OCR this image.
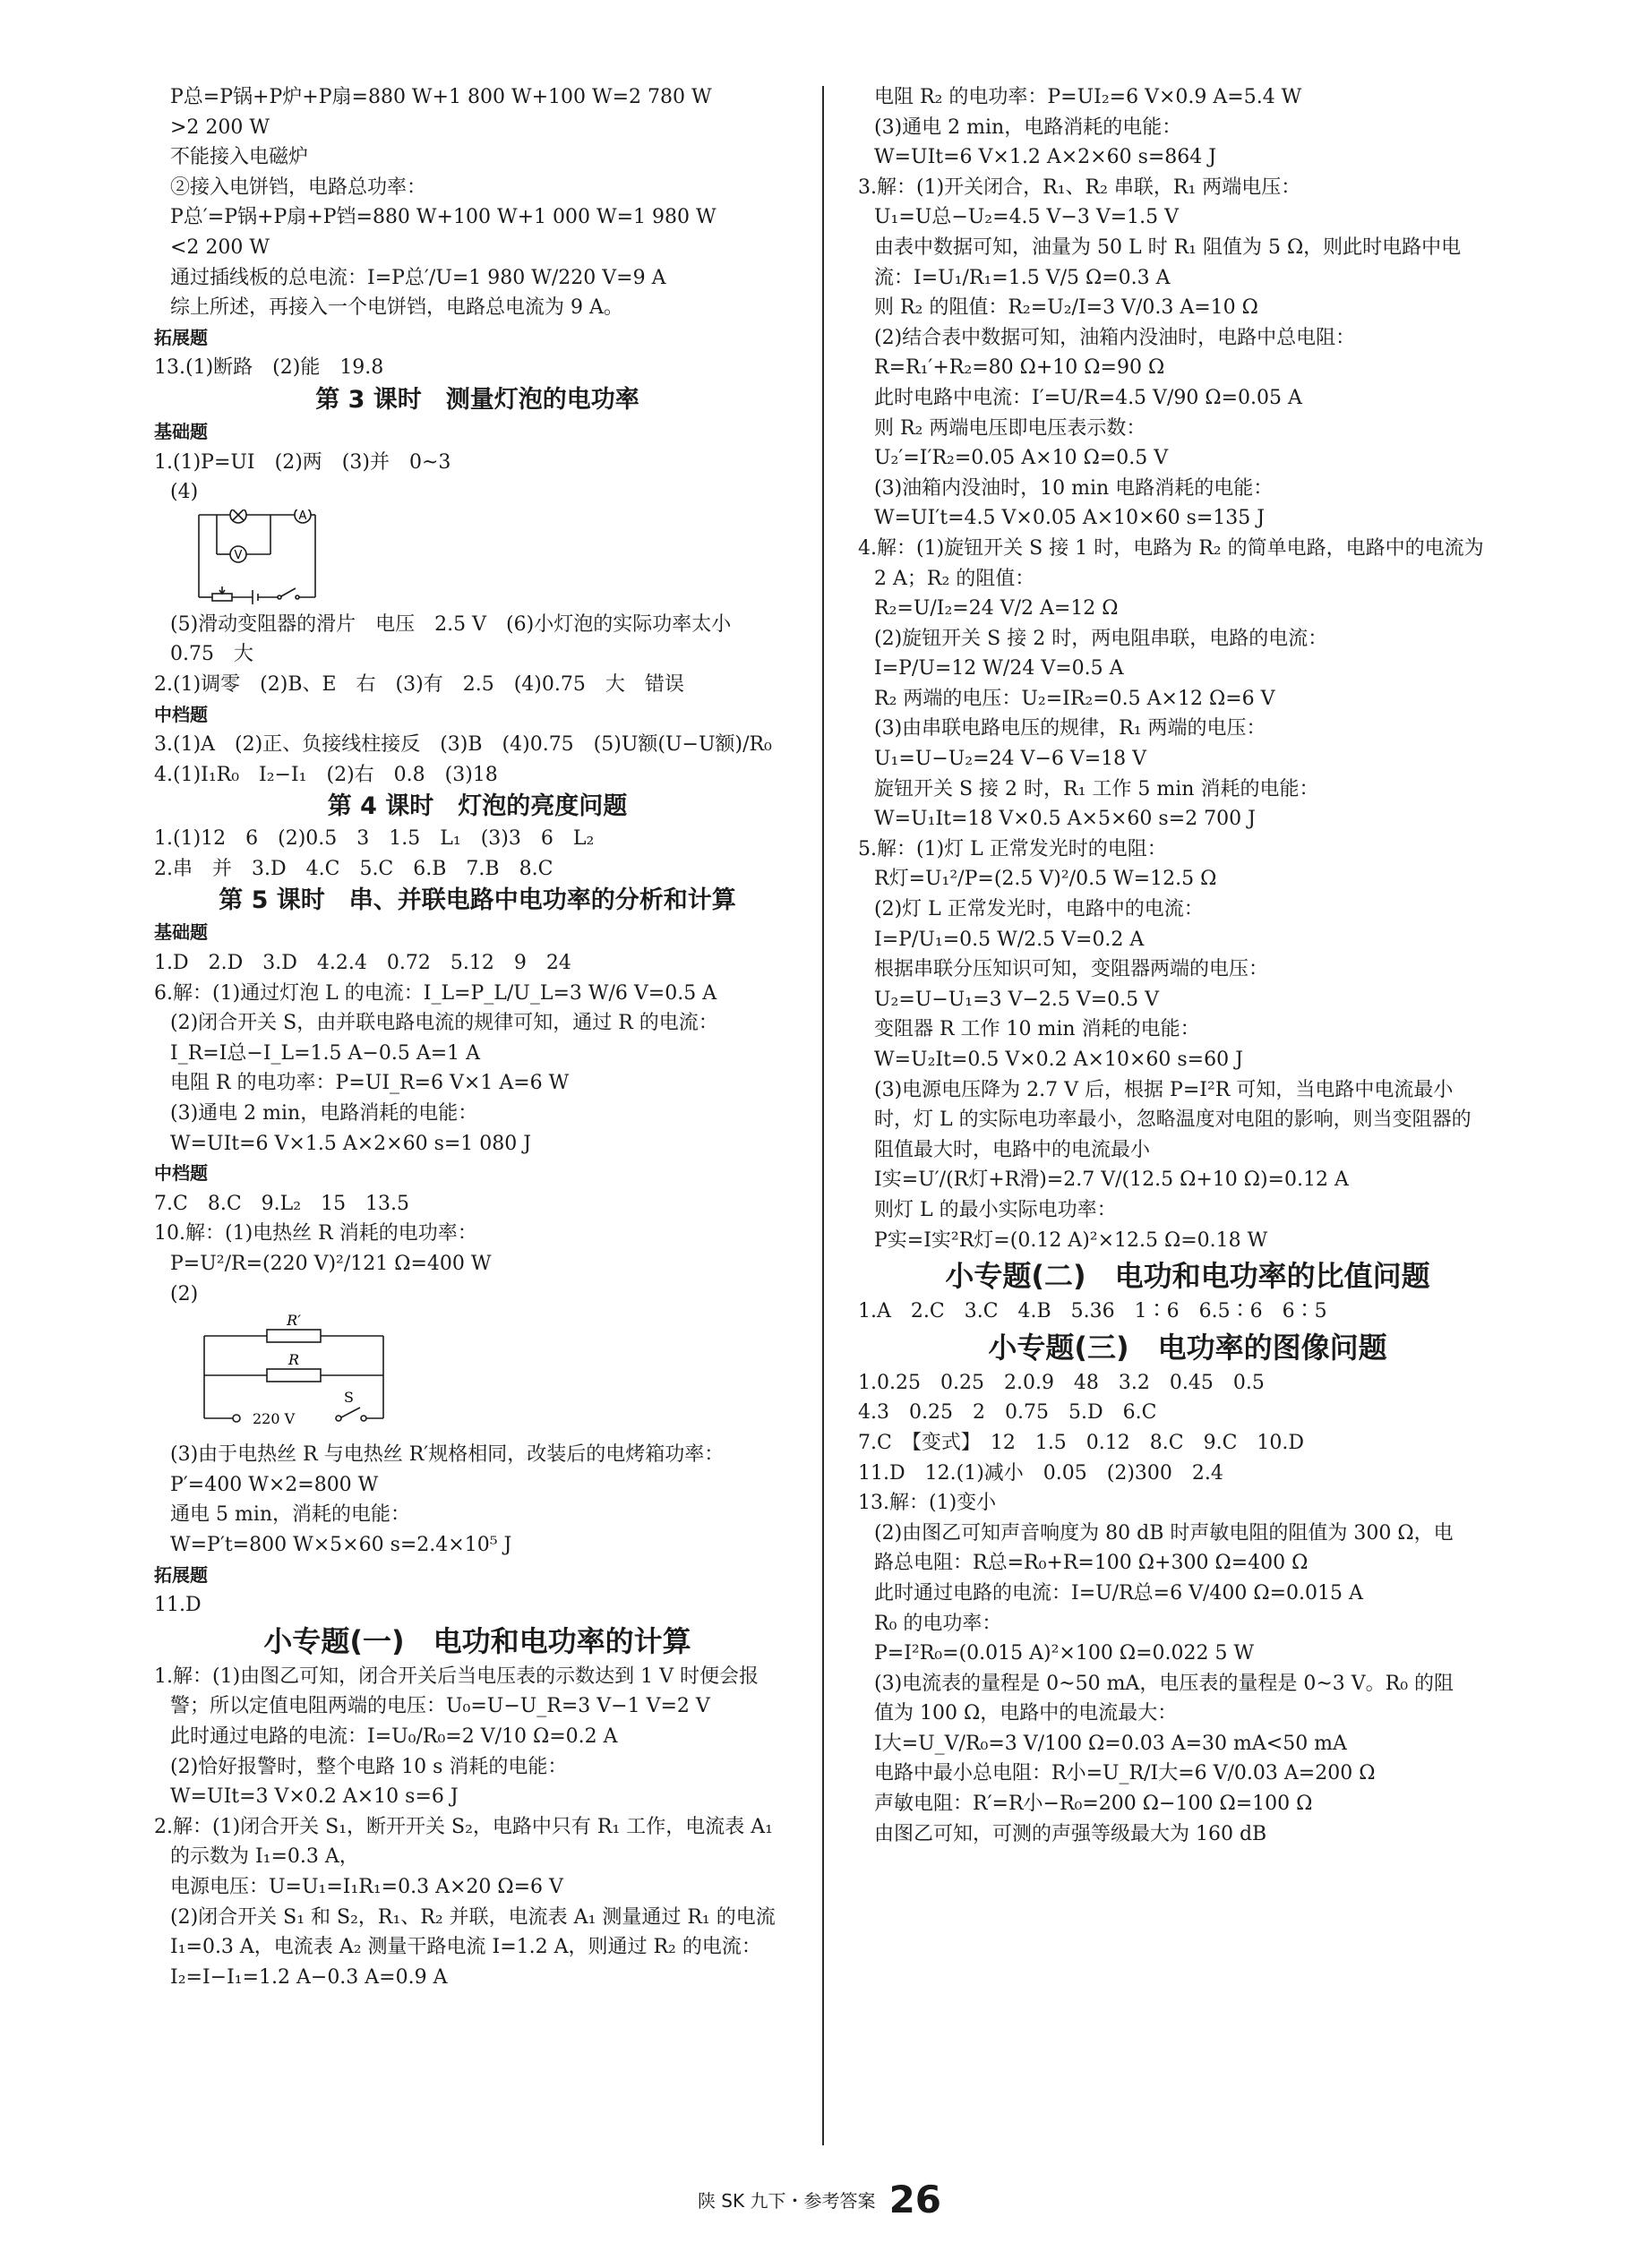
P总=P锅+P炉+P扇=880 W+1 800 W+100 W=2 780 W
>2 200 W
不能接入电磁炉
②接入电饼铛，电路总功率：
P总′=P锅+P扇+P铛=880 W+100 W+1 000 W=1 980 W
<2 200 W
通过插线板的总电流：I=P总′/U=1 980 W/220 V=9 A
综上所述，再接入一个电饼铛，电路总电流为 9 A。
拓展题
13.(1)断路　(2)能　19.8
第 3 课时　测量灯泡的电功率
基础题
1.(1)P=UI　(2)两　(3)并　0~3
(4)
A
V
(5)滑动变阻器的滑片　电压　2.5 V　(6)小灯泡的实际功率太小
0.75　大
2.(1)调零　(2)B、E　右　(3)有　2.5　(4)0.75　大　错误
中档题
3.(1)A　(2)正、负接线柱接反　(3)B　(4)0.75　(5)U额(U−U额)/R₀
4.(1)I₁R₀　I₂−I₁　(2)右　0.8　(3)18
第 4 课时　灯泡的亮度问题
1.(1)12　6　(2)0.5　3　1.5　L₁　(3)3　6　L₂
2.串　并　3.D　4.C　5.C　6.B　7.B　8.C
第 5 课时　串、并联电路中电功率的分析和计算
基础题
1.D　2.D　3.D　4.2.4　0.72　5.12　9　24
6.解：(1)通过灯泡 L 的电流：I_L=P_L/U_L=3 W/6 V=0.5 A
(2)闭合开关 S，由并联电路电流的规律可知，通过 R 的电流：
I_R=I总−I_L=1.5 A−0.5 A=1 A
电阻 R 的电功率：P=UI_R=6 V×1 A=6 W
(3)通电 2 min，电路消耗的电能：
W=UIt=6 V×1.5 A×2×60 s=1 080 J
中档题
7.C　8.C　9.L₂　15　13.5
10.解：(1)电热丝 R 消耗的电功率：
P=U²/R=(220 V)²/121 Ω=400 W
(2)
R′
R
220 V
S
(3)由于电热丝 R 与电热丝 R′规格相同，改装后的电烤箱功率：
P′=400 W×2=800 W
通电 5 min，消耗的电能：
W=P′t=800 W×5×60 s=2.4×10⁵ J
拓展题
11.D
小专题(一)　电功和电功率的计算
1.解：(1)由图乙可知，闭合开关后当电压表的示数达到 1 V 时便会报
警；所以定值电阻两端的电压：U₀=U−U_R=3 V−1 V=2 V
此时通过电路的电流：I=U₀/R₀=2 V/10 Ω=0.2 A
(2)恰好报警时，整个电路 10 s 消耗的电能：
W=UIt=3 V×0.2 A×10 s=6 J
2.解：(1)闭合开关 S₁，断开开关 S₂，电路中只有 R₁ 工作，电流表 A₁
的示数为 I₁=0.3 A，
电源电压：U=U₁=I₁R₁=0.3 A×20 Ω=6 V
(2)闭合开关 S₁ 和 S₂，R₁、R₂ 并联，电流表 A₁ 测量通过 R₁ 的电流
I₁=0.3 A，电流表 A₂ 测量干路电流 I=1.2 A，则通过 R₂ 的电流：
I₂=I−I₁=1.2 A−0.3 A=0.9 A
电阻 R₂ 的电功率：P=UI₂=6 V×0.9 A=5.4 W
(3)通电 2 min，电路消耗的电能：
W=UIt=6 V×1.2 A×2×60 s=864 J
3.解：(1)开关闭合，R₁、R₂ 串联，R₁ 两端电压：
U₁=U总−U₂=4.5 V−3 V=1.5 V
由表中数据可知，油量为 50 L 时 R₁ 阻值为 5 Ω，则此时电路中电
流：I=U₁/R₁=1.5 V/5 Ω=0.3 A
则 R₂ 的阻值：R₂=U₂/I=3 V/0.3 A=10 Ω
(2)结合表中数据可知，油箱内没油时，电路中总电阻：
R=R₁′+R₂=80 Ω+10 Ω=90 Ω
此时电路中电流：I′=U/R=4.5 V/90 Ω=0.05 A
则 R₂ 两端电压即电压表示数：
U₂′=I′R₂=0.05 A×10 Ω=0.5 V
(3)油箱内没油时，10 min 电路消耗的电能：
W=UI′t=4.5 V×0.05 A×10×60 s=135 J
4.解：(1)旋钮开关 S 接 1 时，电路为 R₂ 的简单电路，电路中的电流为
2 A；R₂ 的阻值：
R₂=U/I₂=24 V/2 A=12 Ω
(2)旋钮开关 S 接 2 时，两电阻串联，电路的电流：
I=P/U=12 W/24 V=0.5 A
R₂ 两端的电压：U₂=IR₂=0.5 A×12 Ω=6 V
(3)由串联电路电压的规律，R₁ 两端的电压：
U₁=U−U₂=24 V−6 V=18 V
旋钮开关 S 接 2 时，R₁ 工作 5 min 消耗的电能：
W=U₁It=18 V×0.5 A×5×60 s=2 700 J
5.解：(1)灯 L 正常发光时的电阻：
R灯=U₁²/P=(2.5 V)²/0.5 W=12.5 Ω
(2)灯 L 正常发光时，电路中的电流：
I=P/U₁=0.5 W/2.5 V=0.2 A
根据串联分压知识可知，变阻器两端的电压：
U₂=U−U₁=3 V−2.5 V=0.5 V
变阻器 R 工作 10 min 消耗的电能：
W=U₂It=0.5 V×0.2 A×10×60 s=60 J
(3)电源电压降为 2.7 V 后，根据 P=I²R 可知，当电路中电流最小
时，灯 L 的实际电功率最小，忽略温度对电阻的影响，则当变阻器的
阻值最大时，电路中的电流最小
I实=U′/(R灯+R滑)=2.7 V/(12.5 Ω+10 Ω)=0.12 A
则灯 L 的最小实际电功率：
P实=I实²R灯=(0.12 A)²×12.5 Ω=0.18 W
小专题(二)　电功和电功率的比值问题
1.A　2.C　3.C　4.B　5.36　1∶6　6.5∶6　6∶5
小专题(三)　电功率的图像问题
1.0.25　0.25　2.0.9　48　3.2　0.45　0.5
4.3　0.25　2　0.75　5.D　6.C
7.C　【变式】　12　1.5　0.12　8.C　9.C　10.D
11.D　12.(1)减小　0.05　(2)300　2.4
13.解：(1)变小
(2)由图乙可知声音响度为 80 dB 时声敏电阻的阻值为 300 Ω，电
路总电阻：R总=R₀+R=100 Ω+300 Ω=400 Ω
此时通过电路的电流：I=U/R总=6 V/400 Ω=0.015 A
R₀ 的电功率：
P=I²R₀=(0.015 A)²×100 Ω=0.022 5 W
(3)电流表的量程是 0~50 mA，电压表的量程是 0~3 V。R₀ 的阻
值为 100 Ω，电路中的电流最大：
I大=U_V/R₀=3 V/100 Ω=0.03 A=30 mA<50 mA
电路中最小总电阻：R小=U_R/I大=6 V/0.03 A=200 Ω
声敏电阻：R′=R小−R₀=200 Ω−100 Ω=100 Ω
由图乙可知，可测的声强等级最大为 160 dB
陕 SK 九下・参考答案 26
